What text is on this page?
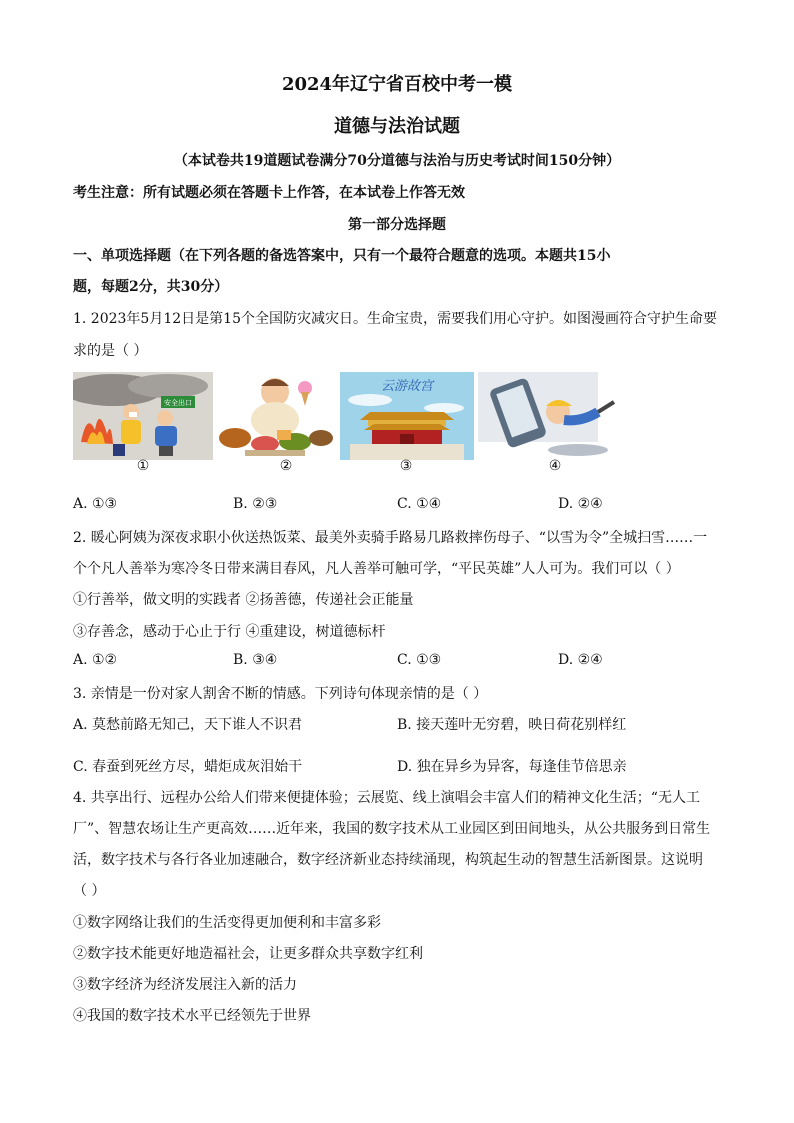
2024年辽宁省百校中考一模
道德与法治试题
（本试卷共19道题试卷满分70分道德与法治与历史考试时间150分钟）
考生注意：所有试题必须在答题卡上作答，在本试卷上作答无效
第一部分选择题
一、单项选择题（在下列各题的备选答案中，只有一个最符合题意的选项。本题共15小
题，每题2分，共30分）
1. 2023年5月12日是第15个全国防灾减灾日。生命宝贵，需要我们用心守护。如图漫画符合守护生命要
求的是（ ）
安全出口
①	②
云游故宫
③	④
A. ①③	B. ②③	C. ①④	D. ②④
2. 暖心阿姨为深夜求职小伙送热饭菜、最美外卖骑手路易几路救摔伤母子、“以雪为令”全城扫雪……一
个个凡人善举为寒冷冬日带来满目春风，凡人善举可触可学，“平民英雄”人人可为。我们可以（ ）
①行善举，做文明的实践者 ②扬善德，传递社会正能量
③存善念，感动于心止于行 ④重建设，树道德标杆
A. ①②	B. ③④	C. ①③	D. ②④
3. 亲情是一份对家人割舍不断的情感。下列诗句体现亲情的是（ ）
A. 莫愁前路无知己，天下谁人不识君	B. 接天莲叶无穷碧，映日荷花别样红
C. 春蚕到死丝方尽，蜡炬成灰泪始干	D. 独在异乡为异客，每逢佳节倍思亲
4. 共享出行、远程办公给人们带来便捷体验；云展览、线上演唱会丰富人们的精神文化生活；“无人工
厂”、智慧农场让生产更高效……近年来，我国的数字技术从工业园区到田间地头，从公共服务到日常生
活，数字技术与各行各业加速融合，数字经济新业态持续涌现，构筑起生动的智慧生活新图景。这说明
（ ）
①数字网络让我们的生活变得更加便利和丰富多彩
②数字技术能更好地造福社会，让更多群众共享数字红利
③数字经济为经济发展注入新的活力
④我国的数字技术水平已经领先于世界
